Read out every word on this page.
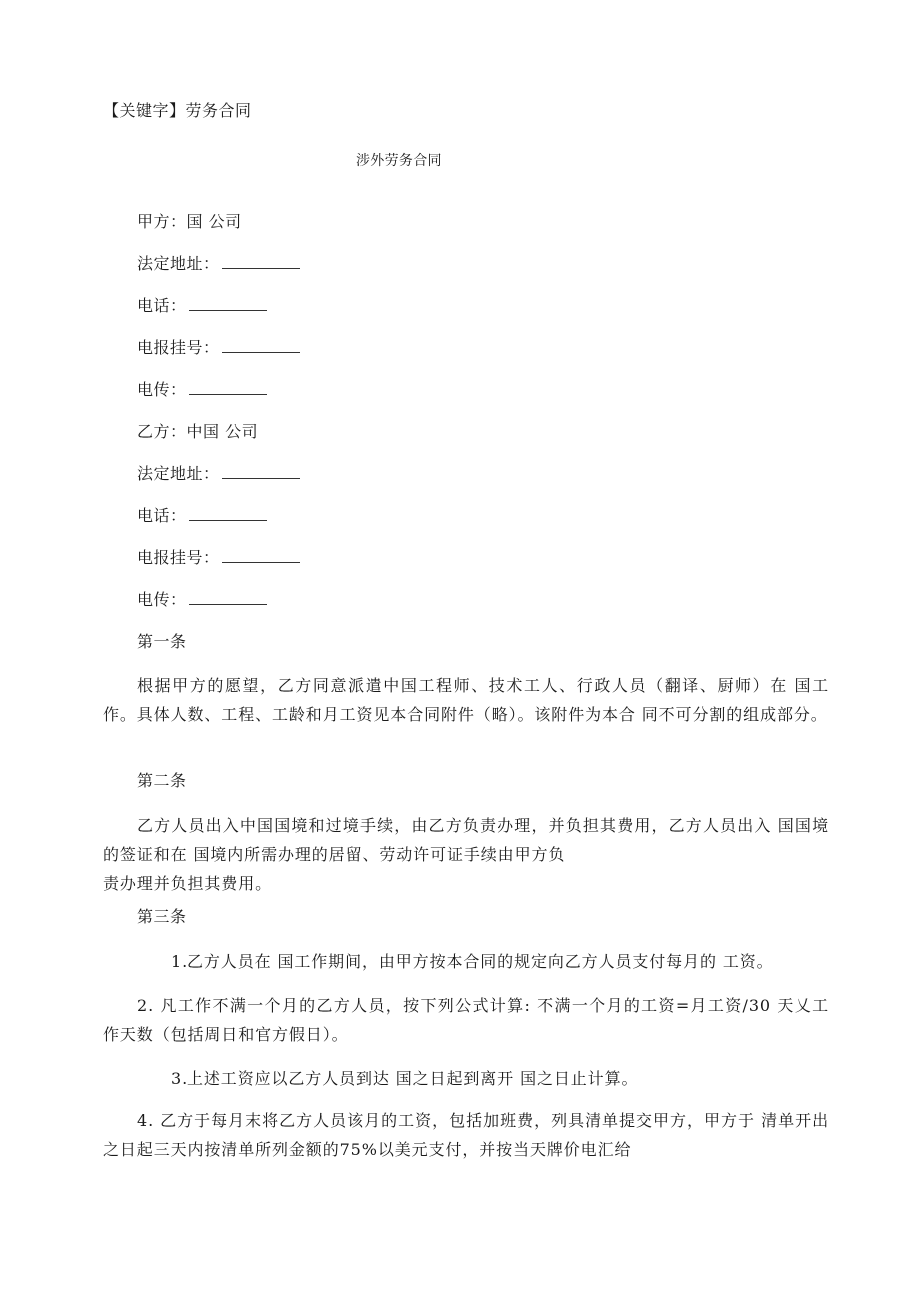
【关键字】劳务合同
涉外劳务合同
甲方：国 公司
法定地址：
电话：
电报挂号：
电传：
乙方：中国 公司
法定地址：
电话：
电报挂号：
电传：
第一条
根据甲方的愿望，乙方同意派遣中国工程师、技术工人、行政人员（翻译、厨师）在 国工作。具体人数、工程、工龄和月工资见本合同附件（略）。该附件为本合 同不可分割的组成部分。
第二条
乙方人员出入中国国境和过境手续，由乙方负责办理，并负担其费用，乙方人员出入 国国境的签证和在 国境内所需办理的居留、劳动许可证手续由甲方负
责办理并负担其费用。
第三条
1.乙方人员在 国工作期间，由甲方按本合同的规定向乙方人员支付每月的 工资。
2. 凡工作不满一个月的乙方人员，按下列公式计算: 不满一个月的工资=月工资/30 天乂工作天数（包括周日和官方假日）。
3.上述工资应以乙方人员到达 国之日起到离开 国之日止计算。
4. 乙方于每月末将乙方人员该月的工资，包括加班费，列具清单提交甲方，甲方于 清单开出之日起三天内按清单所列金额的75%以美元支付，并按当天牌价电汇给
